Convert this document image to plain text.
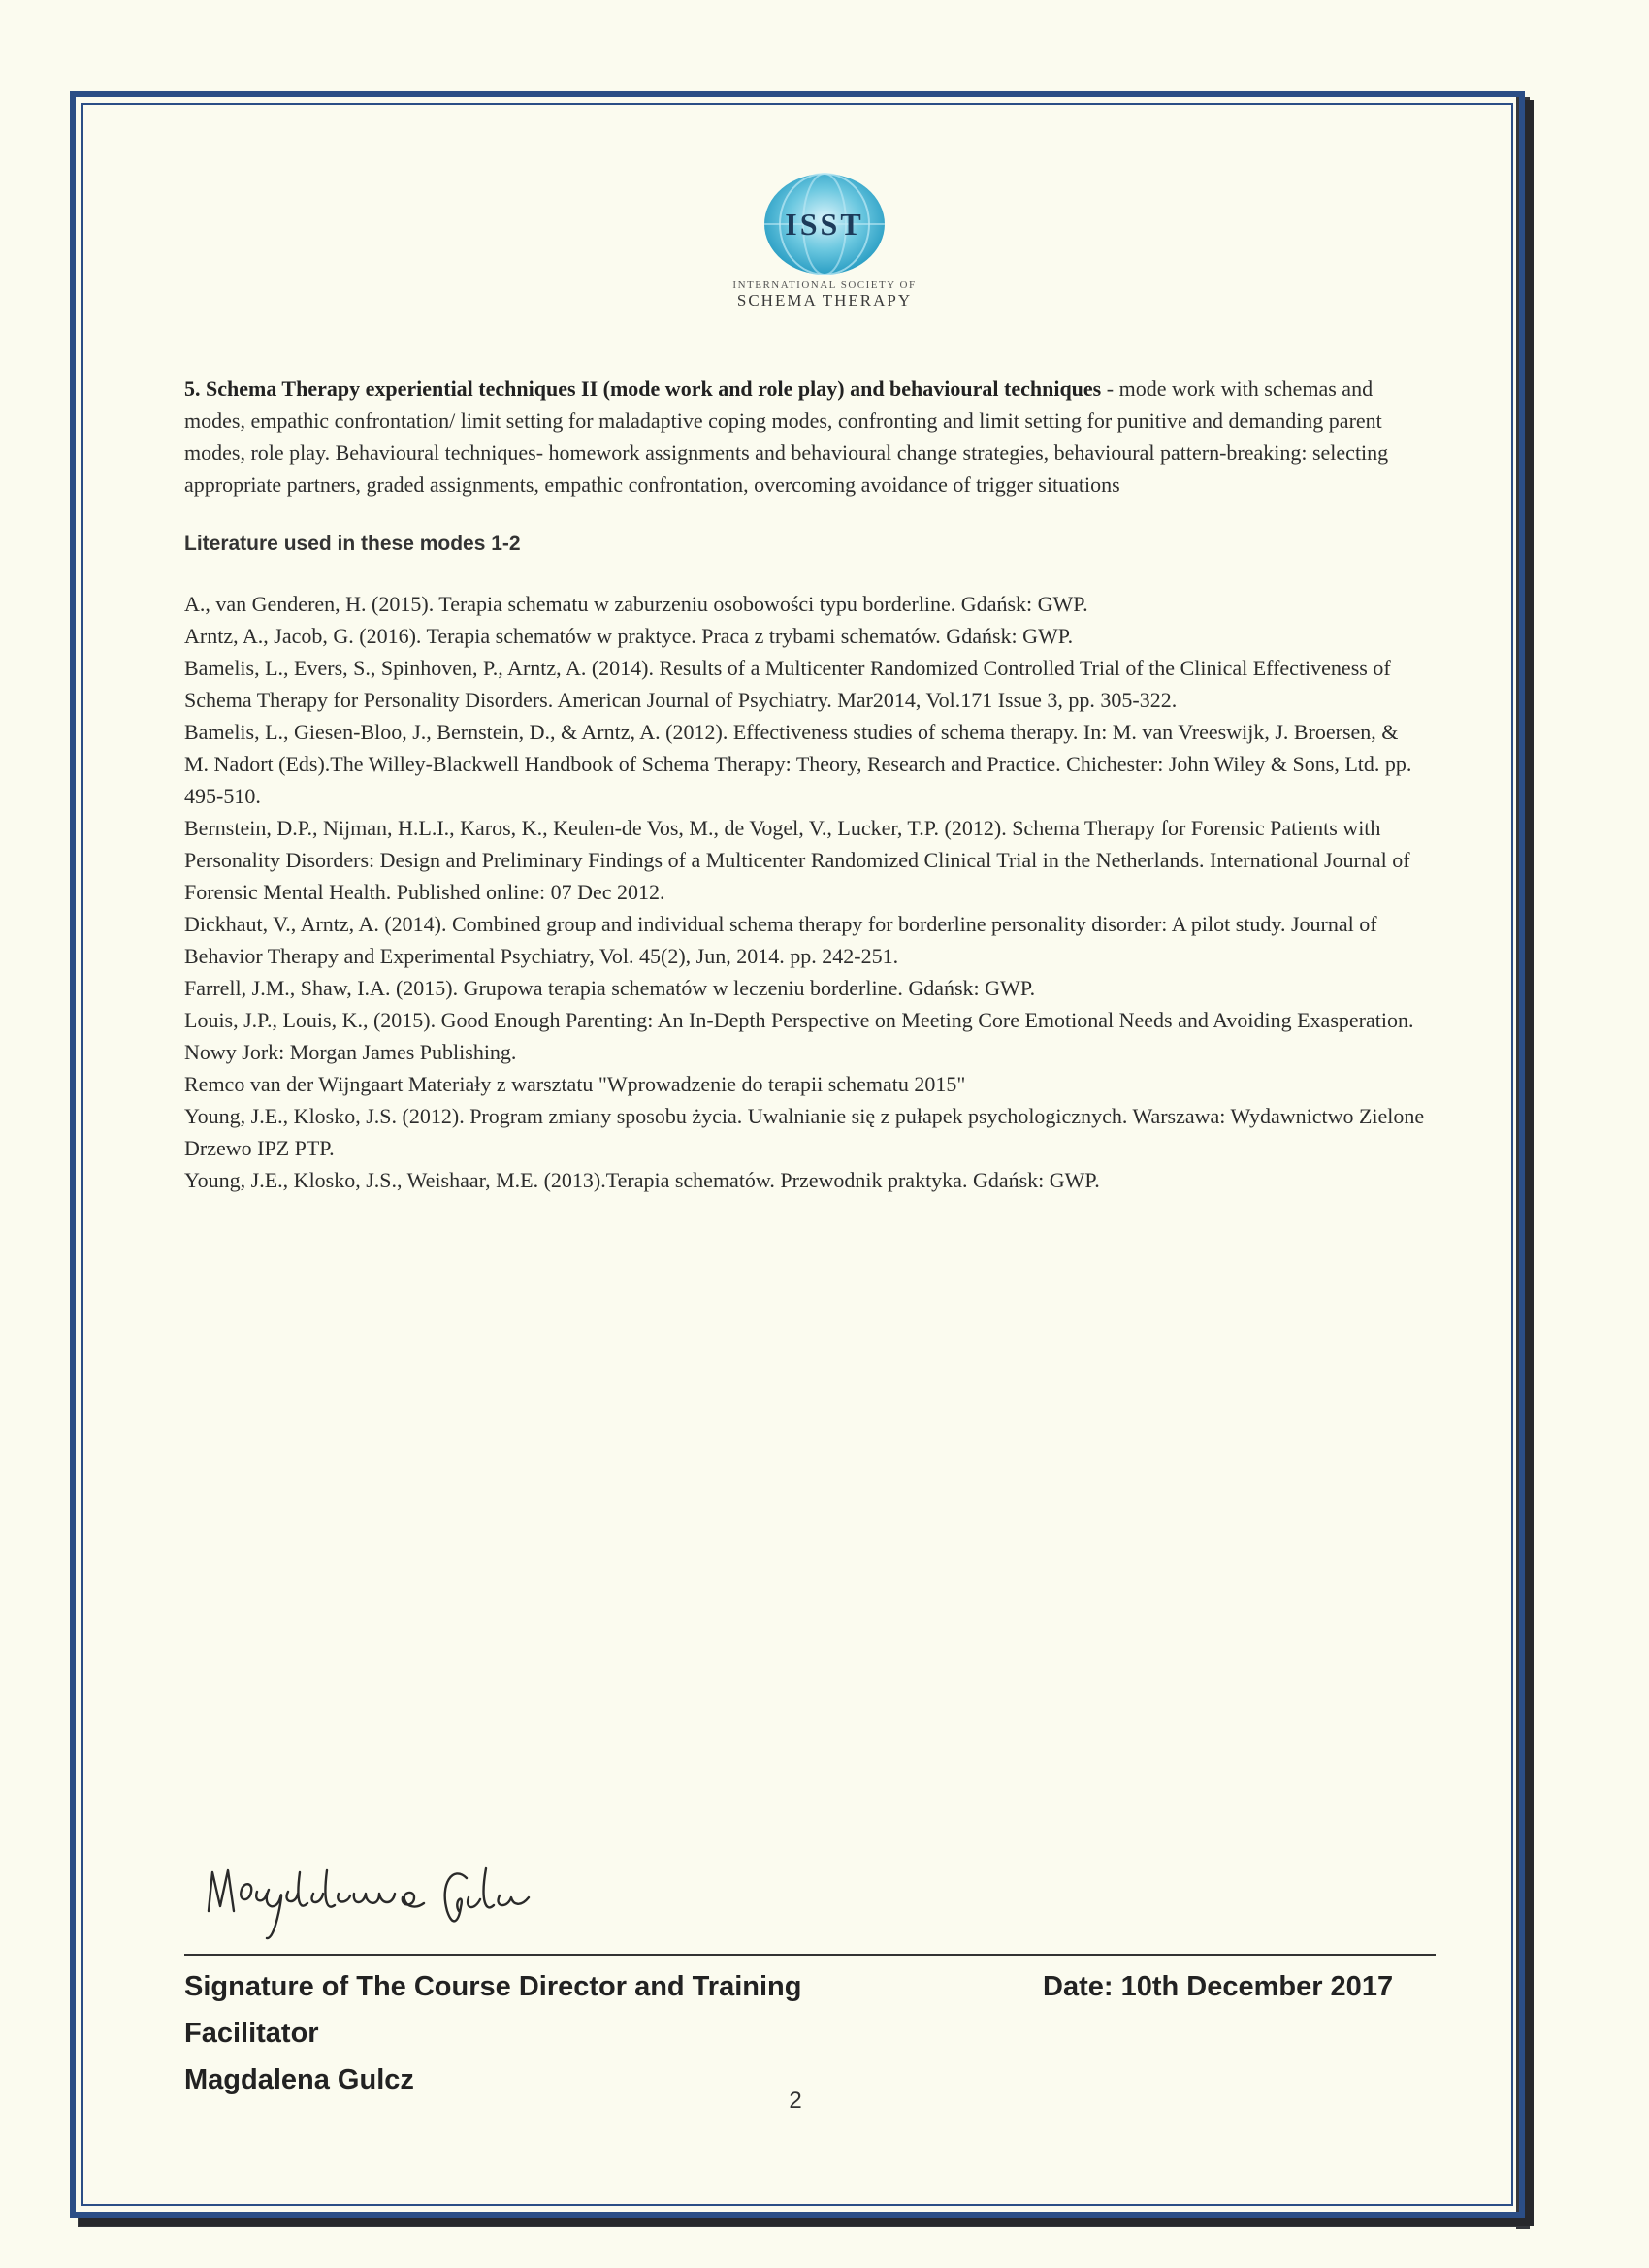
ISST
INTERNATIONAL SOCIETY OF
SCHEMA THERAPY

5. Schema Therapy experiential techniques II (mode work and role play) and behavioural techniques - mode work with schemas and modes, empathic confrontation/ limit setting for maladaptive coping modes, confronting and limit setting for punitive and demanding parent modes, role play. Behavioural techniques- homework assignments and behavioural change strategies, behavioural pattern-breaking: selecting appropriate partners, graded assignments, empathic confrontation, overcoming avoidance of trigger situations

Literature used in these modes 1-2
A., van Genderen, H. (2015). Terapia schematu w zaburzeniu osobowości typu borderline. Gdańsk: GWP.
Arntz, A., Jacob, G. (2016). Terapia schematów w praktyce. Praca z trybami schematów. Gdańsk: GWP.
Bamelis, L., Evers, S., Spinhoven, P., Arntz, A. (2014). Results of a Multicenter Randomized Controlled Trial of the Clinical Effectiveness of Schema Therapy for Personality Disorders. American Journal of Psychiatry. Mar2014, Vol.171 Issue 3, pp. 305-322.
Bamelis, L., Giesen-Bloo, J., Bernstein, D., & Arntz, A. (2012). Effectiveness studies of schema therapy. In: M. van Vreeswijk, J. Broersen, & M. Nadort (Eds).The Willey-Blackwell Handbook of Schema Therapy: Theory, Research and Practice. Chichester: John Wiley & Sons, Ltd. pp. 495-510.
Bernstein, D.P., Nijman, H.L.I., Karos, K., Keulen-de Vos, M., de Vogel, V., Lucker, T.P. (2012). Schema Therapy for Forensic Patients with Personality Disorders: Design and Preliminary Findings of a Multicenter Randomized Clinical Trial in the Netherlands. International Journal of Forensic Mental Health. Published online: 07 Dec 2012.
Dickhaut, V., Arntz, A. (2014). Combined group and individual schema therapy for borderline personality disorder: A pilot study. Journal of Behavior Therapy and Experimental Psychiatry, Vol. 45(2), Jun, 2014. pp. 242-251.
Farrell, J.M., Shaw, I.A. (2015). Grupowa terapia schematów w leczeniu borderline. Gdańsk: GWP.
Louis, J.P., Louis, K., (2015). Good Enough Parenting: An In-Depth Perspective on Meeting Core Emotional Needs and Avoiding Exasperation. Nowy Jork: Morgan James Publishing.
Remco van der Wijngaart Materiały z warsztatu "Wprowadzenie do terapii schematu 2015"
Young, J.E., Klosko, J.S. (2012). Program zmiany sposobu życia. Uwalnianie się z pułapek psychologicznych. Warszawa: Wydawnictwo Zielone Drzewo IPZ PTP.
Young, J.E., Klosko, J.S., Weishaar, M.E. (2013).Terapia schematów. Przewodnik praktyka. Gdańsk: GWP.
Signature of The Course Director and Training Facilitator
Magdalena Gulcz
Date: 10th December 2017
2
